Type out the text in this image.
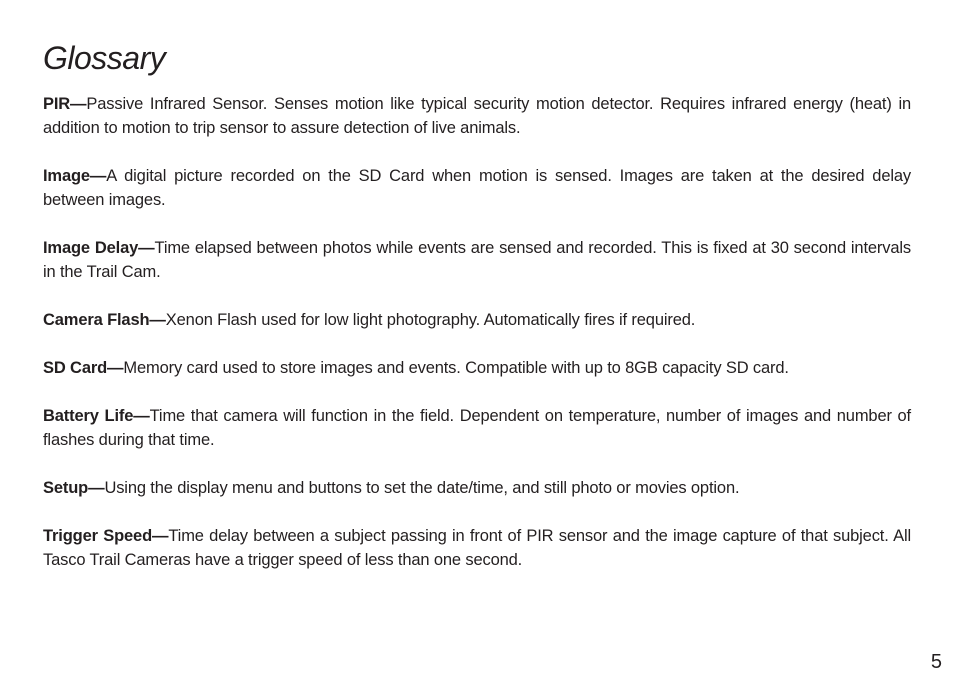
Glossary

PIR—Passive Infrared Sensor. Senses motion like typical security motion detector. Requires infrared energy (heat) in addition to motion to trip sensor to assure detection of live animals.

Image—A digital picture recorded on the SD Card when motion is sensed. Images are taken at the desired delay between images.

Image Delay—Time elapsed between photos while events are sensed and recorded. This is fixed at 30 second intervals in the Trail Cam.

Camera Flash—Xenon Flash used for low light photography. Automatically fires if required.

SD Card—Memory card used to store images and events. Compatible with up to 8GB capacity SD card.

Battery Life—Time that camera will function in the field. Dependent on temperature, number of images and number of flashes during that time.

Setup—Using the display menu and buttons to set the date/time, and still photo or movies option.

Trigger Speed—Time delay between a subject passing in front of PIR sensor and the image capture of that subject. All Tasco Trail Cameras have a trigger speed of less than one second.

5
